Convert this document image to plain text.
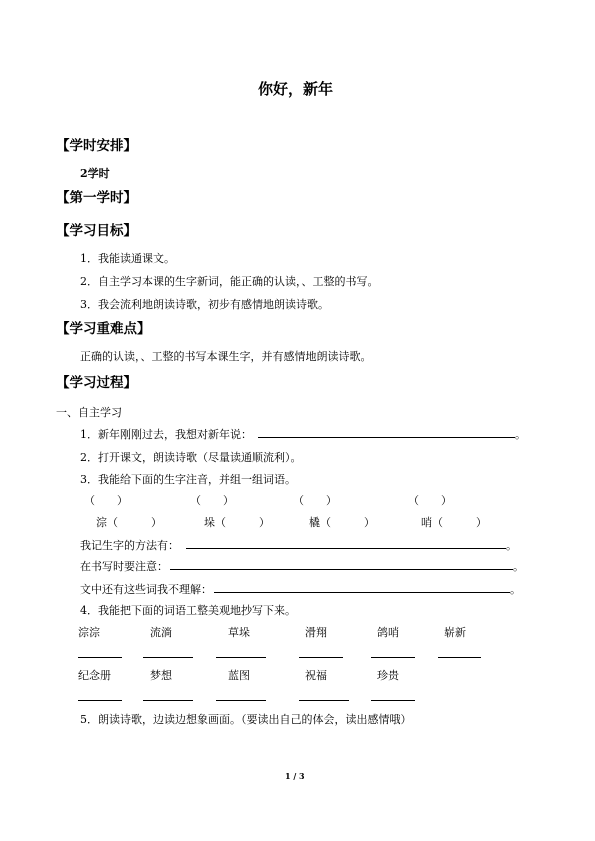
你好，新年
【学时安排】
2学时
【第一学时】
【学习目标】
1．我能读通课文。
2．自主学习本课的生字新词，能正确的认读，、工整的书写。
3．我会流利地朗读诗歌，初步有感情地朗读诗歌。
【学习重难点】
正确的认读，、工整的书写本课生字，并有感情地朗读诗歌。
【学习过程】
一、自主学习
1．新年刚刚过去，我想对新年说：	。
2．打开课文，朗读诗歌（尽量读通顺流利）。
3．我能给下面的生字注音，并组一组词语。
（　　）	（　　）	（　　）	（　　）
淙（　　　）	垛（　　　）	橇（　　　）	哨（　　　）
我记生字的方法有：	。
在书写时要注意：	。
文中还有这些词我不理解：	。
4．我能把下面的词语工整美观地抄写下来。
淙淙	流淌	草垛	滑翔	鸽哨	崭新
纪念册	梦想	蓝图	祝福	珍贵
5．朗读诗歌，边读边想象画面。（要读出自己的体会，读出感情哦）
1 / 3
